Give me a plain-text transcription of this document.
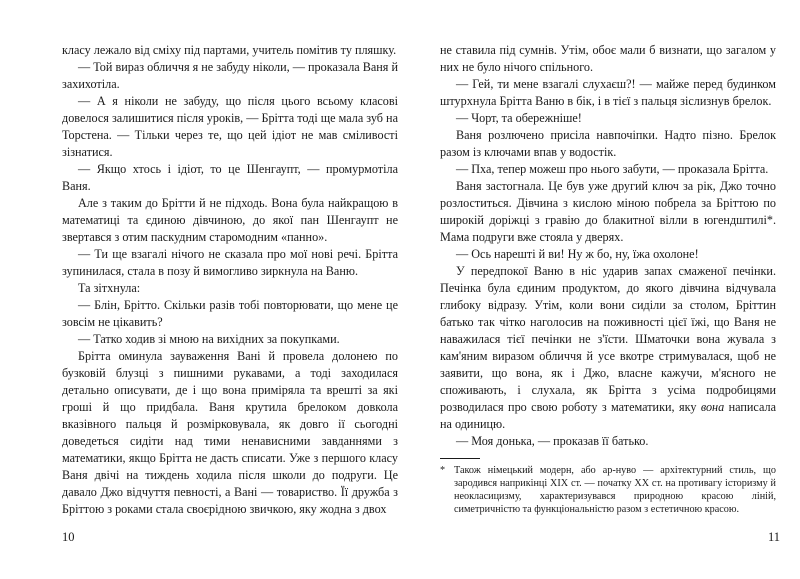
класу лежало від сміху під партами, учитель помітив ту пляшку.

— Той вираз обличчя я не забуду ніколи, — проказала Ваня й захихотіла.

— А я ніколи не забуду, що після цього всьому класові довелося залишитися після уроків, — Брітта тоді ще мала зуб на Торстена. — Тільки через те, що цей ідіот не мав сміливості зізнатися.

— Якщо хтось і ідіот, то це Шенгаупт, — промурмотіла Ваня.

Але з таким до Брітти й не підходь. Вона була найкращою в математиці та єдиною дівчиною, до якої пан Шенгаупт не звертався з отим паскудним старомодним «панно».

— Ти ще взагалі нічого не сказала про мої нові речі. Брітта зупинилася, стала в позу й вимогливо зиркнула на Ваню.

Та зітхнула:

— Блін, Брітто. Скільки разів тобі повторювати, що мене це зовсім не цікавить?

— Татко ходив зі мною на вихідних за покупками.

Брітта оминула зауваження Вані й провела долонею по бузковій блузці з пишними рукавами, а тоді заходилася детально описувати, де і що вона приміряла та врешті за які гроші й що придбала. Ваня крутила брелоком довкола вказівного пальця й розмірковувала, як довго ії сьогодні доведеться сидіти над тими ненависними завданнями з математики, якщо Брітта не дасть списати. Уже з першого класу Ваня двічі на тиждень ходила після школи до подруги. Це давало Джо відчуття певності, а Вані — товариство. Її дружба з Бріттою з роками стала своєрідною звичкою, яку жодна з двох

не ставила під сумнів. Утім, обоє мали б визнати, що загалом у них не було нічого спільного.

— Гей, ти мене взагалі слухаєш?! — майже перед будинком штурхнула Брітта Ваню в бік, і в тієї з пальця зіслизнув брелок.

— Чорт, та обережніше!

Ваня розлючено присіла навпочіпки. Надто пізно. Брелок разом із ключами впав у водостік.

— Пха, тепер можеш про нього забути, — проказала Брітта.

Ваня застогнала. Це був уже другий ключ за рік, Джо точно розлоститься. Дівчина з кислою міною побрела за Бріттою по широкій доріжці з гравію до блакитної вілли в югендштилі*. Мама подруги вже стояла у дверях.

— Ось нарешті й ви! Ну ж бо, ну, їжа охолоне!

У передпокої Ваню в ніс ударив запах смаженої печінки. Печінка була єдиним продуктом, до якого дівчина відчувала глибоку відразу. Утім, коли вони сиділи за столом, Бріттин батько так чітко наголосив на поживності цієї їжі, що Ваня не наважилася тієї печінки не з'їсти. Шматочки вона жувала з кам'яним виразом обличчя й усе вкотре стримувалася, щоб не заявити, що вона, як і Джо, власне кажучи, м'ясного не споживають, і слухала, як Брітта з усіма подробицями розводилася про свою роботу з математики, яку вона написала на одиницю.

— Моя донька, — проказав її батько.

* Також німецький модерн, або ар-нуво — архітектурний стиль, що зародився наприкінці XIX ст. — початку XX ст. на противагу історизму й неокласицизму, характеризувався природною красою ліній, симетричністю та функціональністю разом з естетичною красою.
10	11
